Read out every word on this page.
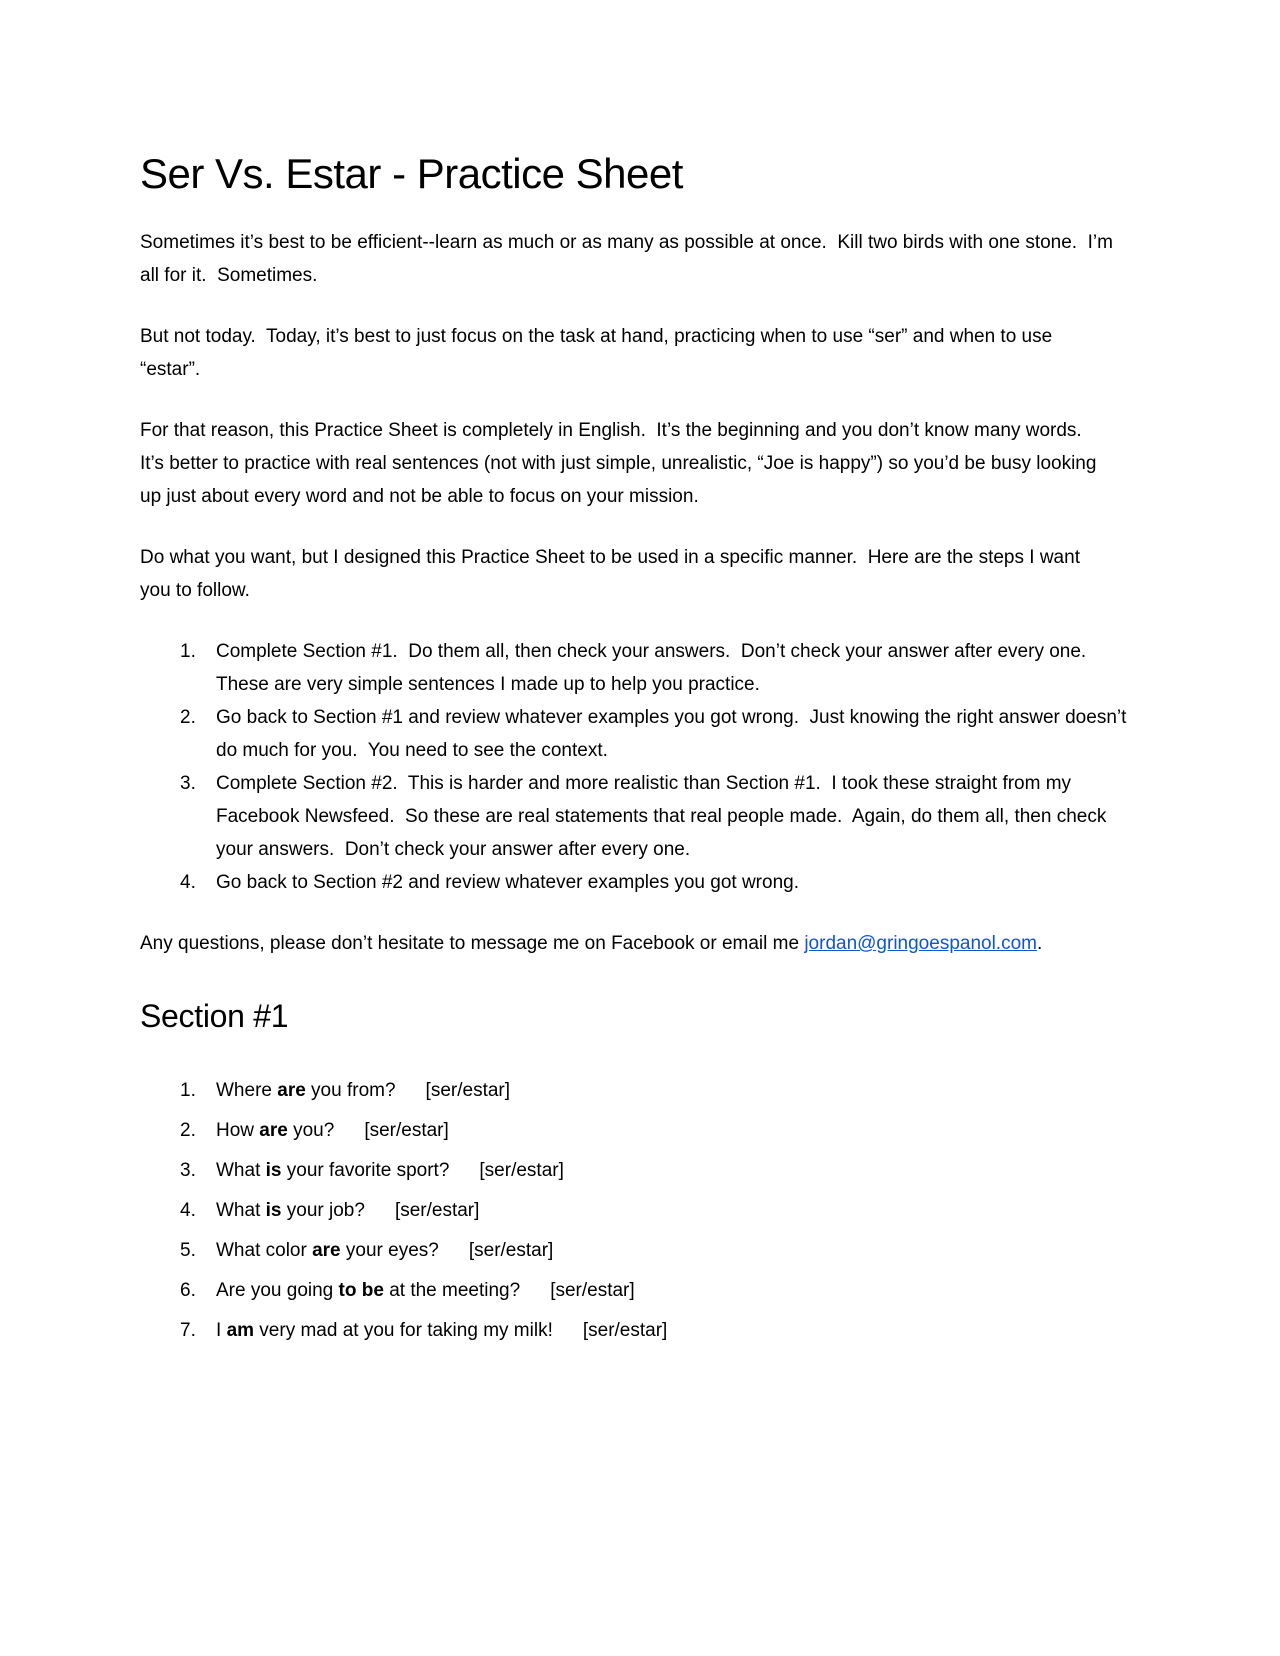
Ser Vs. Estar - Practice Sheet

Sometimes it’s best to be efficient--learn as much or as many as possible at once.  Kill two birds with one stone.  I’m all for it.  Sometimes.

But not today.  Today, it’s best to just focus on the task at hand, practicing when to use “ser” and when to use “estar”.

For that reason, this Practice Sheet is completely in English.  It’s the beginning and you don’t know many words.  It’s better to practice with real sentences (not with just simple, unrealistic, “Joe is happy”) so you’d be busy looking up just about every word and not be able to focus on your mission.

Do what you want, but I designed this Practice Sheet to be used in a specific manner.  Here are the steps I want you to follow.

1.	Complete Section #1.  Do them all, then check your answers.  Don’t check your answer after every one.  These are very simple sentences I made up to help you practice.
2.	Go back to Section #1 and review whatever examples you got wrong.  Just knowing the right answer doesn’t do much for you.  You need to see the context.
3.	Complete Section #2.  This is harder and more realistic than Section #1.  I took these straight from my Facebook Newsfeed.  So these are real statements that real people made.  Again, do them all, then check your answers.  Don’t check your answer after every one.
4.	Go back to Section #2 and review whatever examples you got wrong.

Any questions, please don’t hesitate to message me on Facebook or email me jordan@gringoespanol.com.

Section #1
1.	Where are you from? [ser/estar]
2.	How are you? [ser/estar]
3.	What is your favorite sport? [ser/estar]
4.	What is your job? [ser/estar]
5.	What color are your eyes? [ser/estar]
6.	Are you going to be at the meeting? [ser/estar]
7.	I am very mad at you for taking my milk! [ser/estar]
